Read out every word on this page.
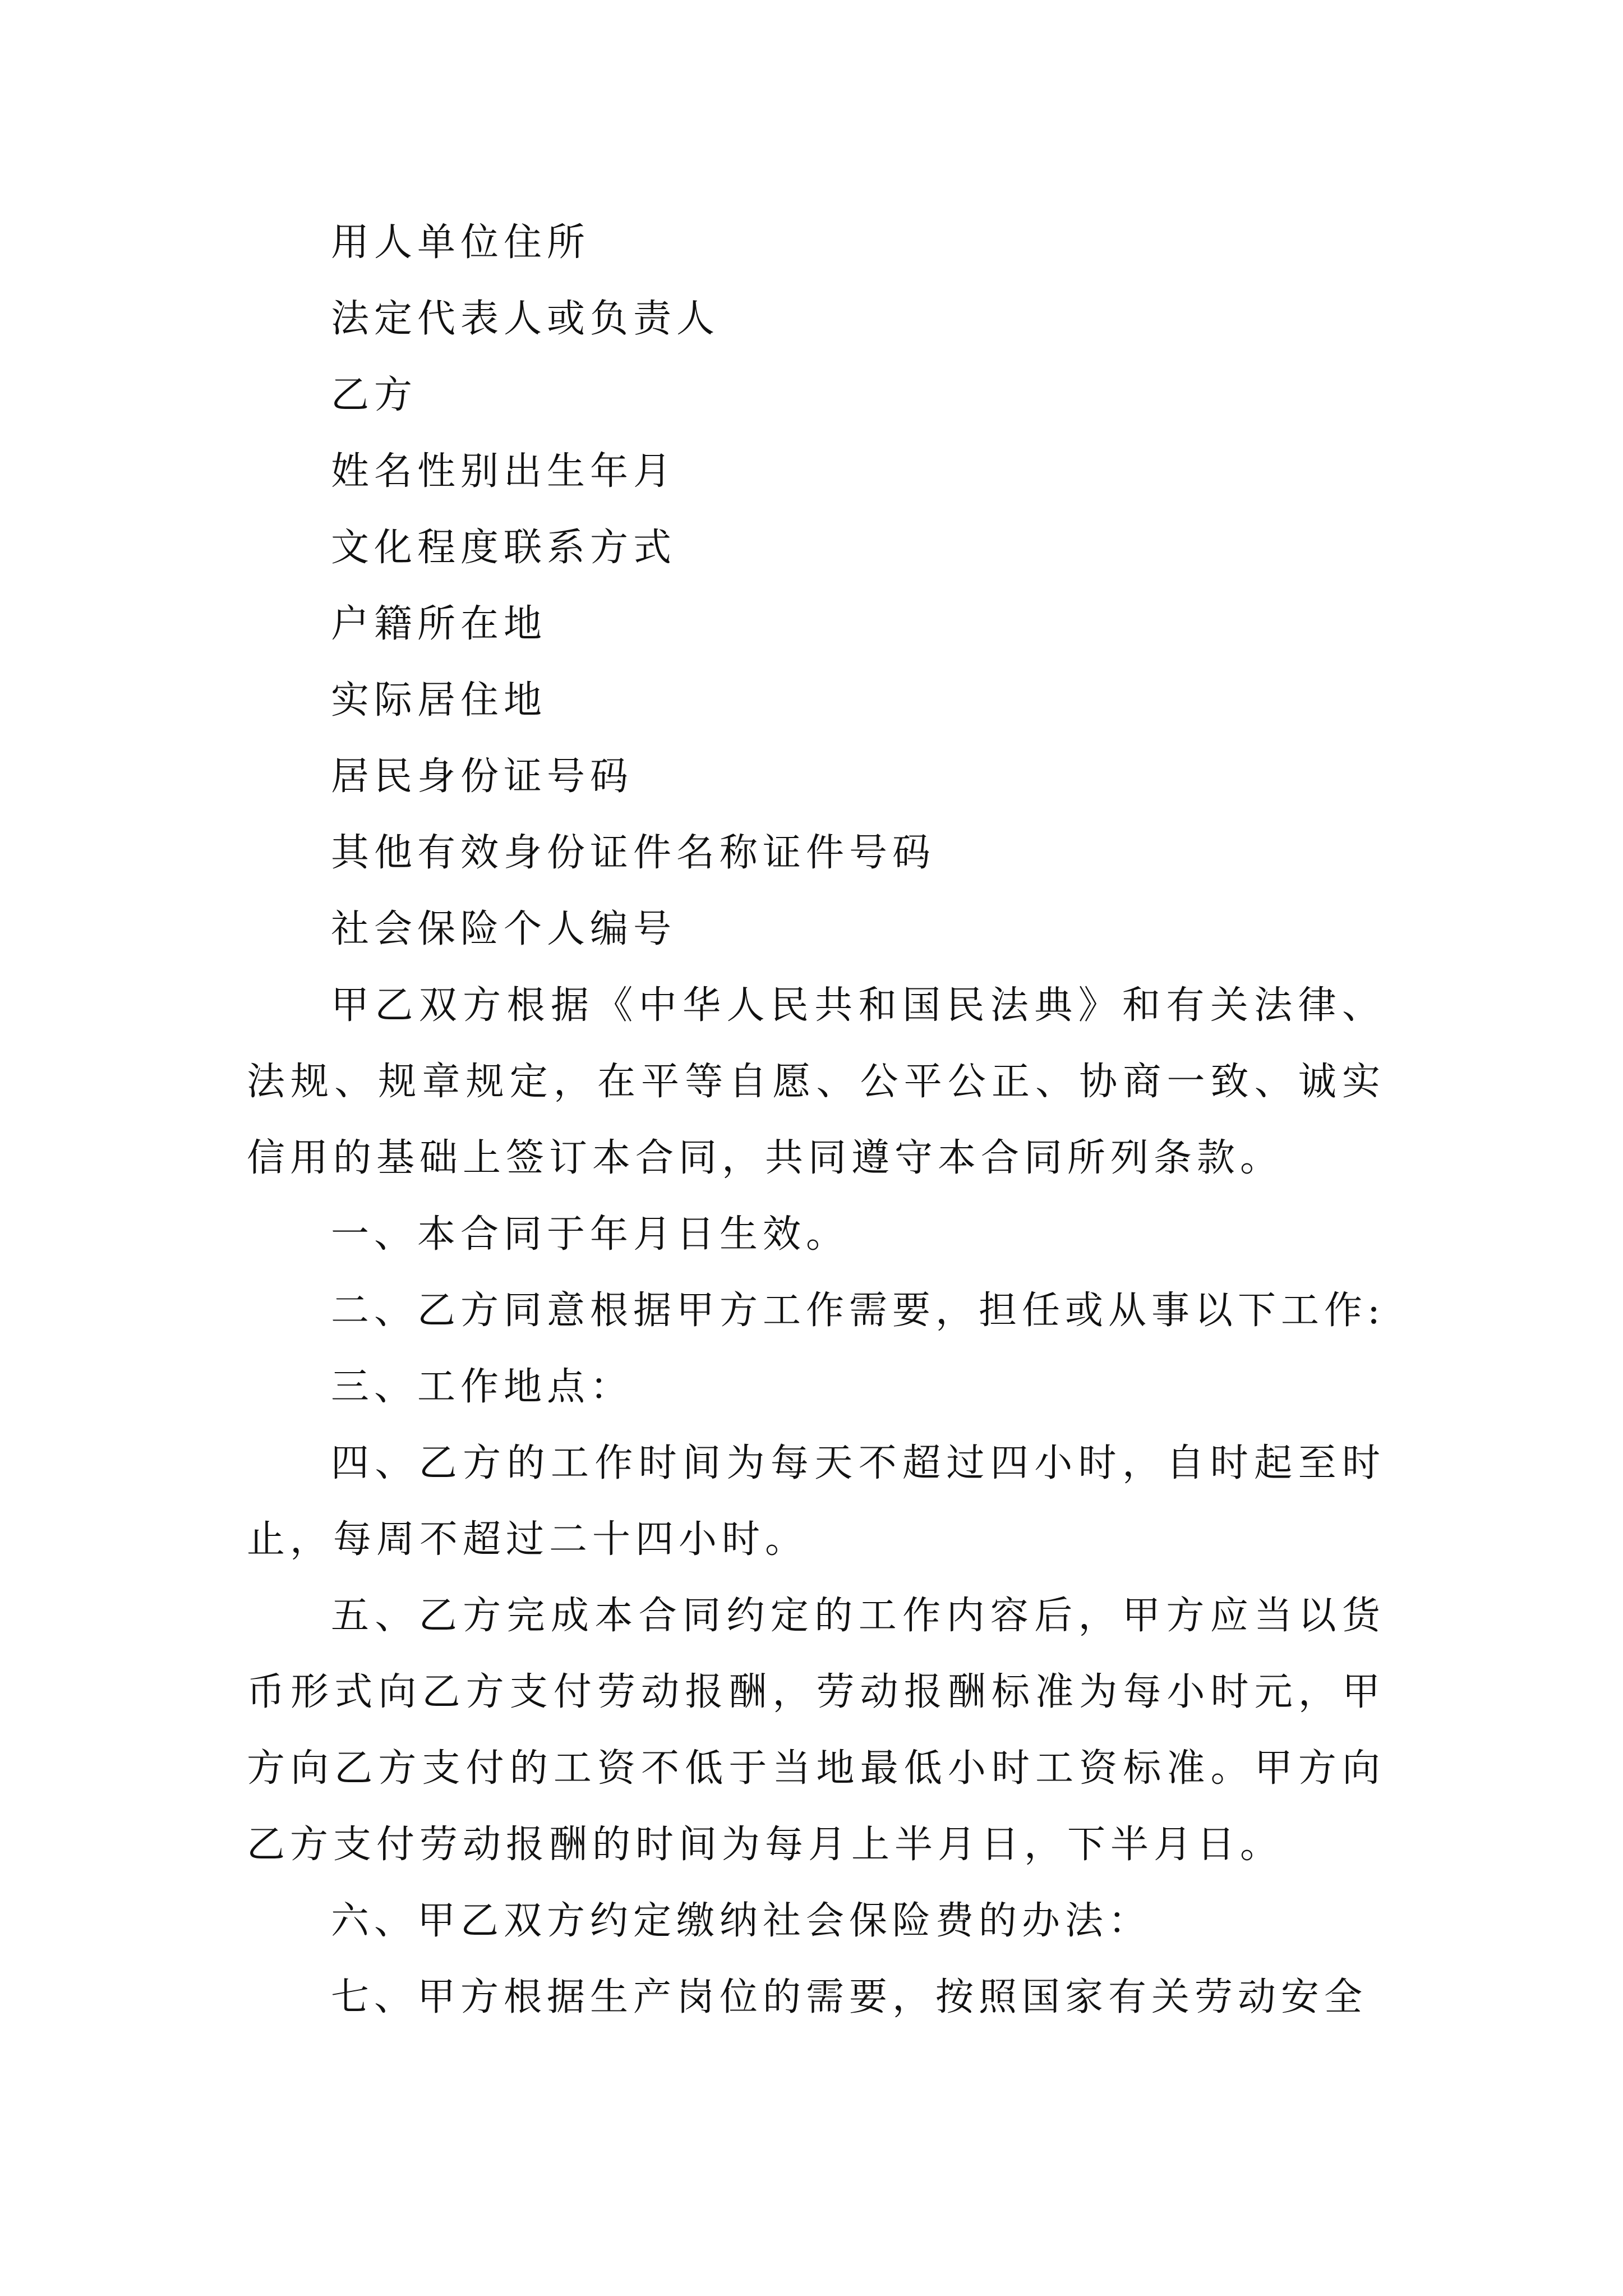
用人单位住所

法定代表人或负责人

乙方

姓名性别出生年月

文化程度联系方式

户籍所在地

实际居住地

居民身份证号码

其他有效身份证件名称证件号码

社会保险个人编号

甲乙双方根据《中华人民共和国民法典》和有关法律、法规、规章规定，在平等自愿、公平公正、协商一致、诚实信用的基础上签订本合同，共同遵守本合同所列条款。

一、本合同于年月日生效。

二、乙方同意根据甲方工作需要，担任或从事以下工作:

三、工作地点：

四、乙方的工作时间为每天不超过四小时，自时起至时止，每周不超过二十四小时。

五、乙方完成本合同约定的工作内容后，甲方应当以货币形式向乙方支付劳动报酬，劳动报酬标准为每小时元，甲方向乙方支付的工资不低于当地最低小时工资标准。甲方向乙方支付劳动报酬的时间为每月上半月日，下半月日。

六、甲乙双方约定缴纳社会保险费的办法：

七、甲方根据生产岗位的需要，按照国家有关劳动安全
